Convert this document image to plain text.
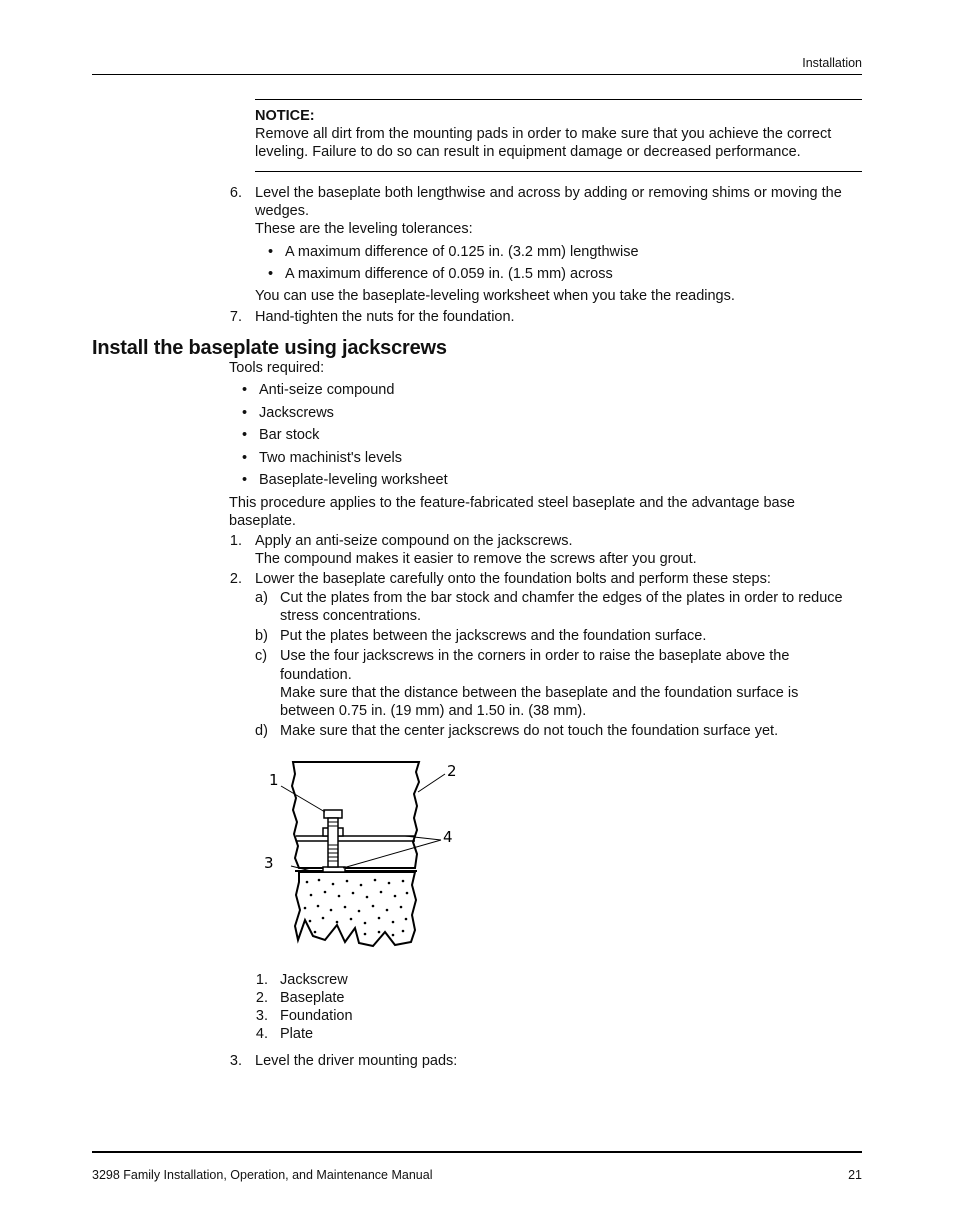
Installation
NOTICE:
Remove all dirt from the mounting pads in order to make sure that you achieve the correct
leveling. Failure to do so can result in equipment damage or decreased performance.
6. Level the baseplate both lengthwise and across by adding or removing shims or moving the
wedges.
These are the leveling tolerances:
• A maximum difference of 0.125 in. (3.2 mm) lengthwise
• A maximum difference of 0.059 in. (1.5 mm) across
You can use the baseplate-leveling worksheet when you take the readings.
7. Hand-tighten the nuts for the foundation.
Install the baseplate using jackscrews
Tools required:
• Anti-seize compound
• Jackscrews
• Bar stock
• Two machinist's levels
• Baseplate-leveling worksheet
This procedure applies to the feature-fabricated steel baseplate and the advantage base
baseplate.
1. Apply an anti-seize compound on the jackscrews.
The compound makes it easier to remove the screws after you grout.
2. Lower the baseplate carefully onto the foundation bolts and perform these steps:
a) Cut the plates from the bar stock and chamfer the edges of the plates in order to reduce
stress concentrations.
b) Put the plates between the jackscrews and the foundation surface.
c) Use the four jackscrews in the corners in order to raise the baseplate above the
foundation.
Make sure that the distance between the baseplate and the foundation surface is
between 0.75 in. (19 mm) and 1.50 in. (38 mm).
d) Make sure that the center jackscrews do not touch the foundation surface yet.
1	2
3
4
1. Jackscrew
2. Baseplate
3. Foundation
4. Plate
3. Level the driver mounting pads:
3298 Family Installation, Operation, and Maintenance Manual	21
